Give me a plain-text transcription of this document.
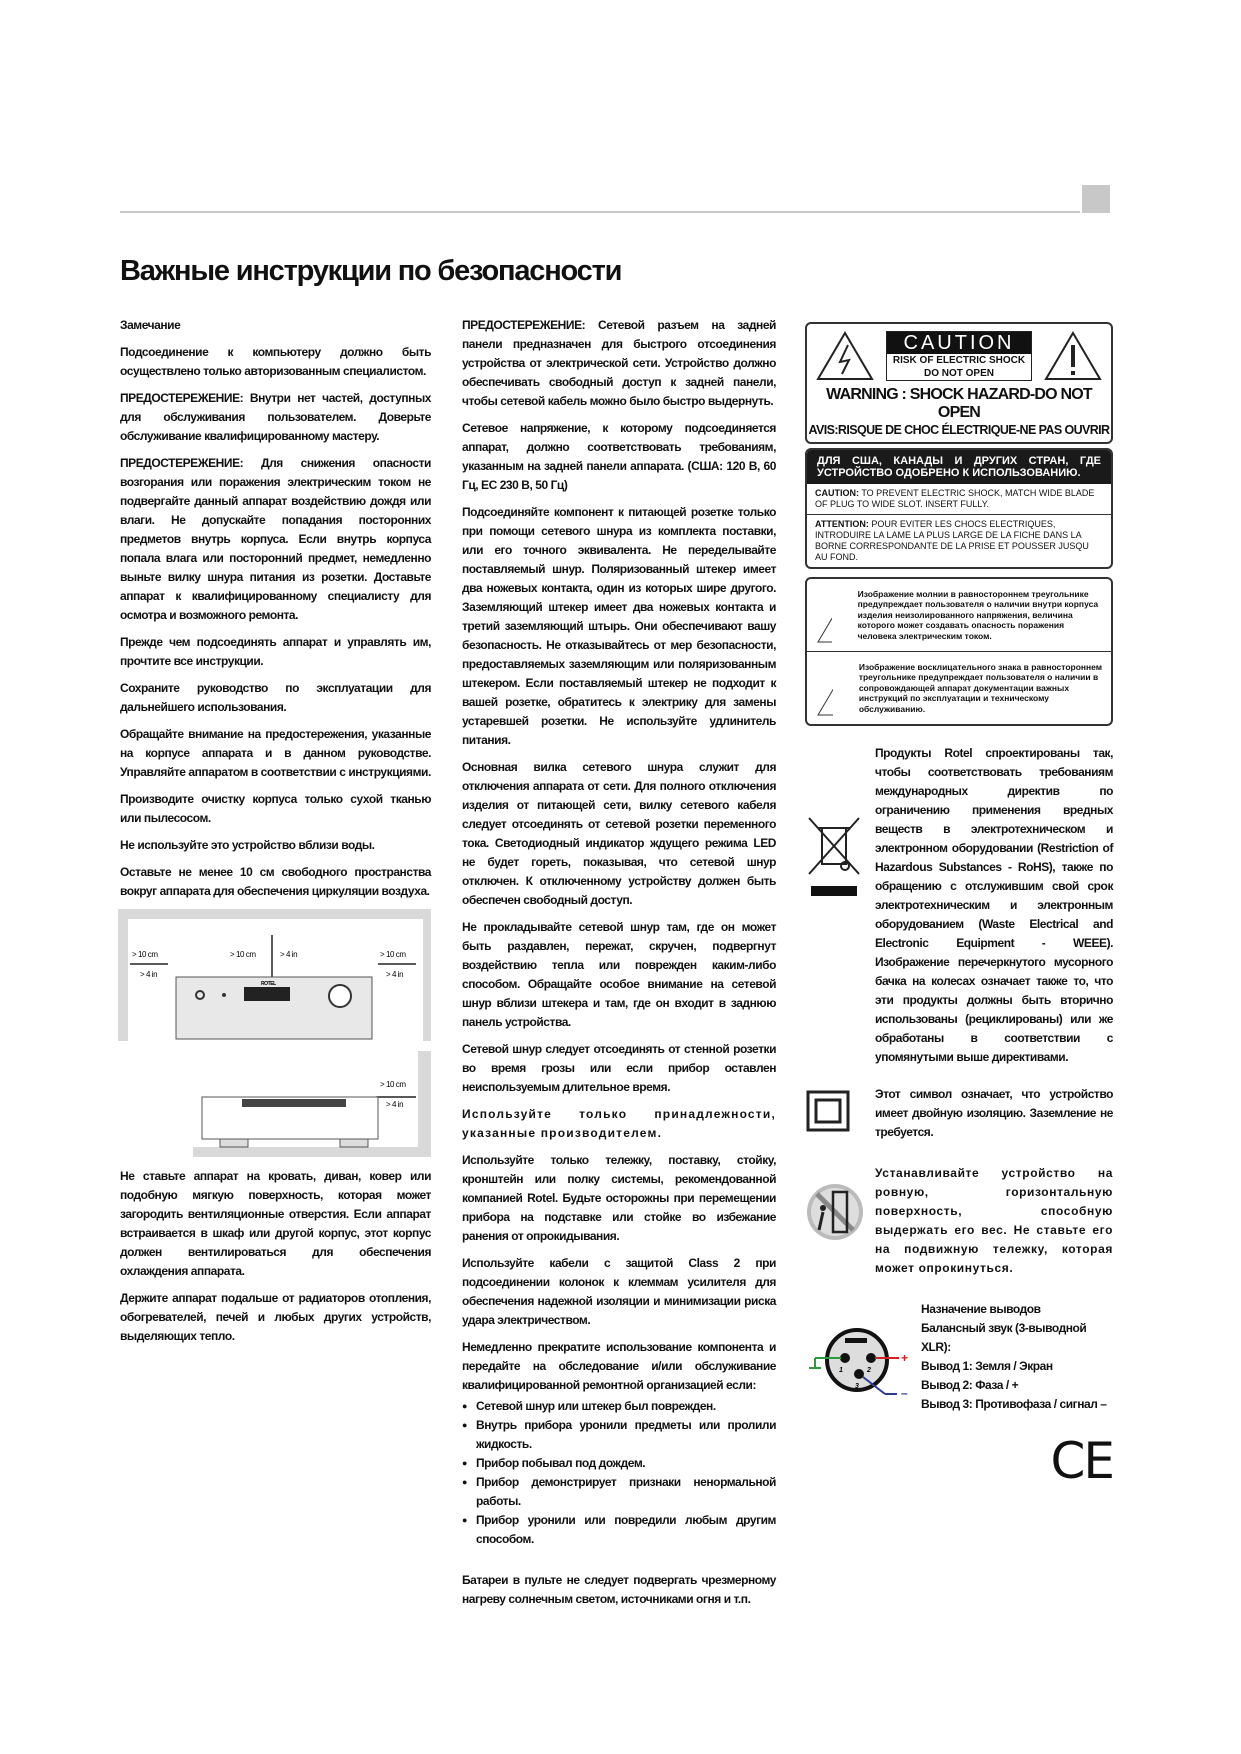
Важные инструкции по безопасности

Замечание

Подсоединение к компьютеру должно быть осуществлено только авторизованным специалистом.

ПРЕДОСТЕРЕЖЕНИЕ: Внутри нет частей, доступных для обслуживания пользователем. Доверьте обслуживание квалифицированному мастеру.

ПРЕДОСТЕРЕЖЕНИЕ: Для снижения опасности возгорания или поражения электрическим током не подвергайте данный аппарат воздействию дождя или влаги. Не допускайте попадания посторонних предметов внутрь корпуса. Если внутрь корпуса попала влага или посторонний предмет, немедленно выньте вилку шнура питания из розетки. Доставьте аппарат к квалифицированному специалисту для осмотра и возможного ремонта.

Прежде чем подсоединять аппарат и управлять им, прочтите все инструкции.

Сохраните руководство по эксплуатации для дальнейшего использования.

Обращайте внимание на предостережения, указанные на корпусе аппарата и в данном руководстве. Управляйте аппаратом в соответствии с инструкциями.

Производите очистку корпуса только сухой тканью или пылесосом.

Не используйте это устройство вблизи воды.

Оставьте не менее 10 см свободного пространства вокруг аппарата для обеспечения циркуляции воздуха.

> 10 cm
> 4 in
> 10 cm	> 4 in	> 10 cm
> 4 in
ROTEL
> 10 cm
> 4 in

Не ставьте аппарат на кровать, диван, ковер или подобную мягкую поверхность, которая может загородить вентиляционные отверстия. Если аппарат встраивается в шкаф или другой корпус, этот корпус должен вентилироваться для обеспечения охлаждения аппарата.

Держите аппарат подальше от радиаторов отопления, обогревателей, печей и любых других устройств, выделяющих тепло.

ПРЕДОСТЕРЕЖЕНИЕ: Сетевой разъем на задней панели предназначен для быстрого отсоединения устройства от электрической сети. Устройство должно обеспечивать свободный доступ к задней панели, чтобы сетевой кабель можно было быстро выдернуть.

Сетевое напряжение, к которому подсоединяется аппарат, должно соответствовать требованиям, указанным на задней панели аппарата. (США: 120 В, 60 Гц, ЕС 230 В, 50 Гц)

Подсоединяйте компонент к питающей розетке только при помощи сетевого шнура из комплекта поставки, или его точного эквивалента. Не переделывайте поставляемый шнур. Поляризованный штекер имеет два ножевых контакта, один из которых шире другого. Заземляющий штекер имеет два ножевых контакта и третий заземляющий штырь. Они обеспечивают вашу безопасность. Не отказывайтесь от мер безопасности, предоставляемых заземляющим или поляризованным штекером. Если поставляемый штекер не подходит к вашей розетке, обратитесь к электрику для замены устаревшей розетки. Не используйте удлинитель питания.

Основная вилка сетевого шнура служит для отключения аппарата от сети. Для полного отключения изделия от питающей сети, вилку сетевого кабеля следует отсоединять от сетевой розетки переменного тока. Светодиодный индикатор ждущего режима LED не будет гореть, показывая, что сетевой шнур отключен. К отключенному устройству должен быть обеспечен свободный доступ.

Не прокладывайте сетевой шнур там, где он может быть раздавлен, пережат, скручен, подвергнут воздействию тепла или поврежден каким-либо способом. Обращайте особое внимание на сетевой шнур вблизи штекера и там, где он входит в заднюю панель устройства.

Сетевой шнур следует отсоединять от стенной розетки во время грозы или если прибор оставлен неиспользуемым длительное время.

Используйте только принадлежности, указанные производителем.

Используйте только тележку, поставку, стойку, кронштейн или полку системы, рекомендованной компанией Rotel. Будьте осторожны при перемещении прибора на подставке или стойке во избежание ранения от опрокидывания.

Используйте кабели с защитой Class 2 при подсоединении колонок к клеммам усилителя для обеспечения надежной изоляции и минимизации риска удара электричеством.

Немедленно прекратите использование компонента и передайте на обследование и/или обслуживание квалифицированной ремонтной организацией если:

● Сетевой шнур или штекер был поврежден.
● Внутрь прибора уронили предметы или пролили жидкость.
● Прибор побывал под дождем.
● Прибор демонстрирует признаки ненормальной работы.
● Прибор уронили или повредили любым другим способом.

Батареи в пульте не следует подвергать чрезмерному нагреву солнечным светом, источниками огня и т.п.

CAUTION
RISK OF ELECTRIC SHOCK
DO NOT OPEN
WARNING : SHOCK HAZARD-DO NOT OPEN
AVIS:RISQUE DE CHOC ÉLECTRIQUE-NE PAS OUVRIR
ДЛЯ США, КАНАДЫ И ДРУГИХ СТРАН, ГДЕ УСТРОЙСТВО ОДОБРЕНО К ИСПОЛЬЗОВАНИЮ.
CAUTION: TO PREVENT ELECTRIC SHOCK, MATCH WIDE BLADE OF PLUG TO WIDE SLOT. INSERT FULLY.
ATTENTION: POUR EVITER LES CHOCS ELECTRIQUES, INTRODUIRE LA LAME LA PLUS LARGE DE LA FICHE DANS LA BORNE CORRESPONDANTE DE LA PRISE ET POUSSER JUSQU AU FOND.
Изображение молнии в равностороннем треугольнике предупреждает пользователя о наличии внутри корпуса изделия неизолированного напряжения, величина которого может создавать опасность поражения человека электрическим током.
Изображение восклицательного знака в равностороннем треугольнике предупреждает пользователя о наличии в сопровождающей аппарат документации важных инструкций по эксплуатации и техническому обслуживанию.

Продукты Rotel спроектированы так, чтобы соответствовать требованиям международных директив по ограничению применения вредных веществ в электротехническом и электронном оборудовании (Restriction of Hazardous Substances - RoHS), также по обращению с отслужившим свой срок электротехническим и электронным оборудованием (Waste Electrical and Electronic Equipment - WEEE). Изображение перечеркнутого мусорного бачка на колесах означает также то, что эти продукты должны быть вторично использованы (рециклированы) или же обработаны в соответствии с упомянутыми выше директивами.

Этот символ означает, что устройство имеет двойную изоляцию. Заземление не требуется.

Устанавливайте устройство на ровную, горизонтальную поверхность, способную выдержать его вес. Не ставьте его на подвижную тележку, которая может опрокинуться.

+
–
1	2
3
Назначение выводов
Балансный звук (3-выводной XLR):
Вывод 1: Земля / Экран
Вывод 2: Фаза / +
Вывод 3: Противофаза / сигнал –
CE
